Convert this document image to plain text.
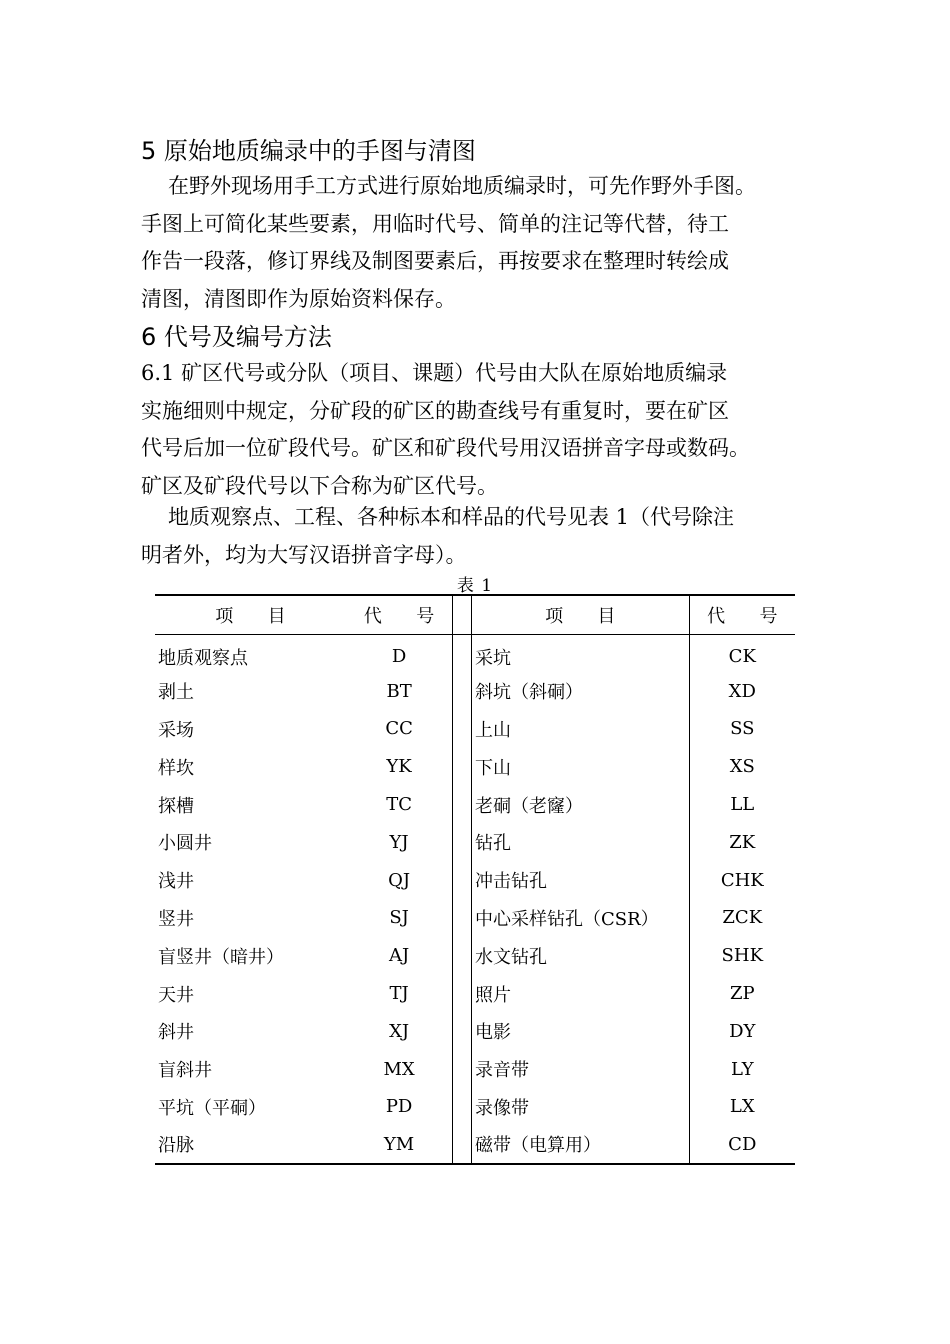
5 原始地质编录中的手图与清图
在野外现场用手工方式进行原始地质编录时，可先作野外手图。
手图上可简化某些要素，用临时代号、简单的注记等代替，待工
作告一段落，修订界线及制图要素后，再按要求在整理时转绘成
清图，清图即作为原始资料保存。
6 代号及编号方法
6.1 矿区代号或分队（项目、课题）代号由大队在原始地质编录
实施细则中规定，分矿段的矿区的勘查线号有重复时，要在矿区
代号后加一位矿段代号。矿区和矿段代号用汉语拼音字母或数码。
矿区及矿段代号以下合称为矿区代号。
地质观察点、工程、各种标本和样品的代号见表 1（代号除注
明者外，均为大写汉语拼音字母）。
表 1
项      目	代      号		项      目	代      号
地质观察点	D		采坑	CK
剥土	BT		斜坑（斜硐）	XD
采场	CC		上山	SS
样坎	YK		下山	XS
探槽	TC		老硐（老窿）	LL
小圆井	YJ		钻孔	ZK
浅井	QJ		冲击钻孔	CHK
竖井	SJ		中心采样钻孔（CSR）	ZCK
盲竖井（暗井）	AJ		水文钻孔	SHK
天井	TJ		照片	ZP
斜井	XJ		电影	DY
盲斜井	MX		录音带	LY
平坑（平硐）	PD		录像带	LX
沿脉	YM		磁带（电算用）	CD
